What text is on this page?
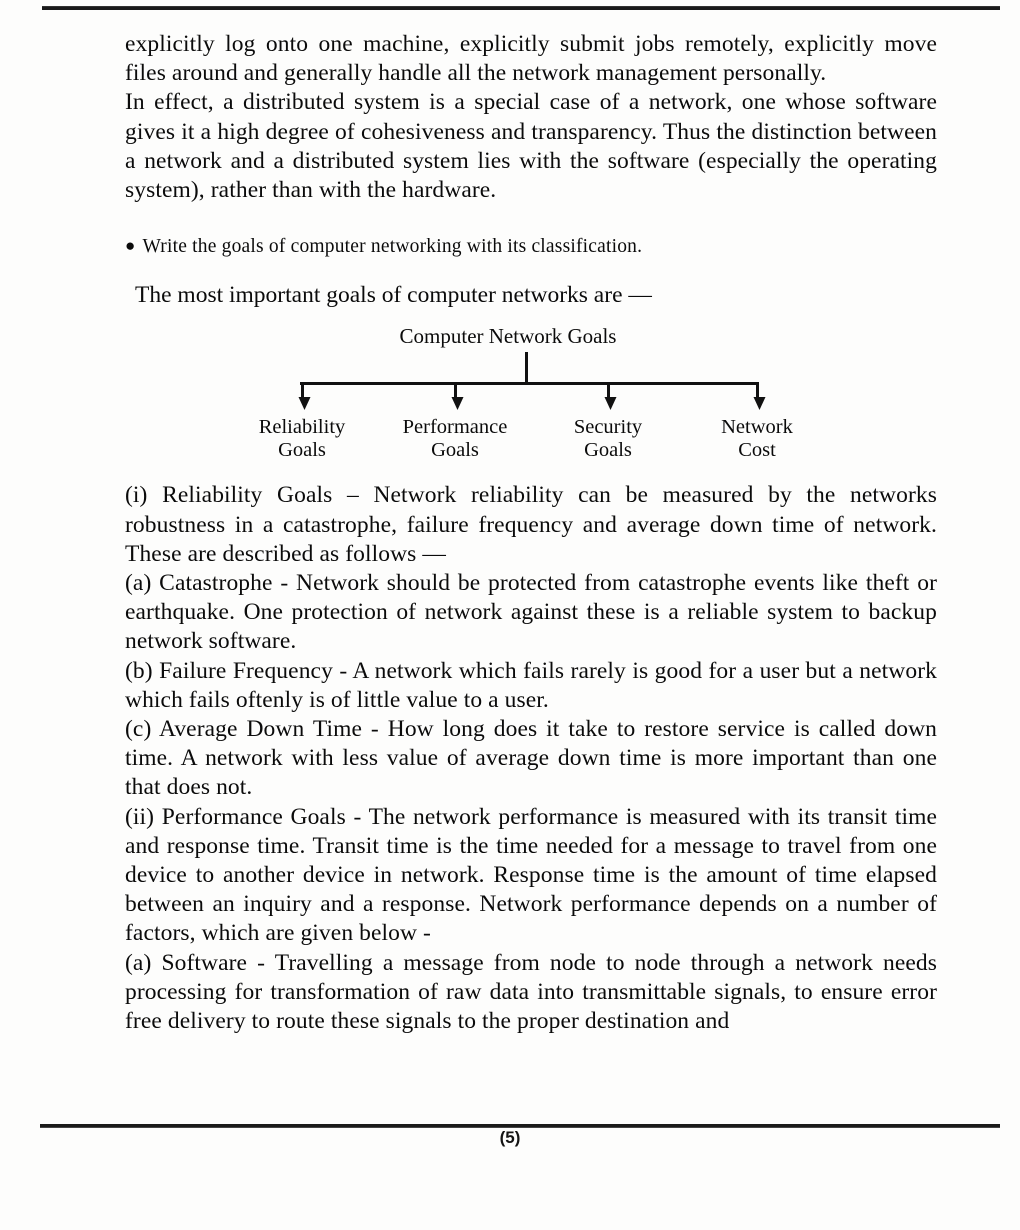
explicitly log onto one machine, explicitly submit jobs remotely, explicitly move files around and generally handle all the network management personally.

In effect, a distributed system is a special case of a network, one whose software gives it a high degree of cohesiveness and transparency. Thus the distinction between a network and a distributed system lies with the software (especially the operating system), rather than with the hardware.

● Write the goals of computer networking with its classification.

The most important goals of computer networks are —

Computer Network Goals
Reliability
Goals
Performance
Goals
Security
Goals
Network
Cost

(i) Reliability Goals – Network reliability can be measured by the networks robustness in a catastrophe, failure frequency and average down time of network. These are described as follows —

(a) Catastrophe - Network should be protected from catastrophe events like theft or earthquake. One protection of network against these is a reliable system to backup network software.

(b) Failure Frequency - A network which fails rarely is good for a user but a network which fails oftenly is of little value to a user.

(c) Average Down Time - How long does it take to restore service is called down time. A network with less value of average down time is more important than one that does not.

(ii) Performance Goals - The network performance is measured with its transit time and response time. Transit time is the time needed for a message to travel from one device to another device in network. Response time is the amount of time elapsed between an inquiry and a response. Network performance depends on a number of factors, which are given below -

(a) Software - Travelling a message from node to node through a network needs processing for transformation of raw data into transmittable signals, to ensure error free delivery to route these signals to the proper destination and

(5)
